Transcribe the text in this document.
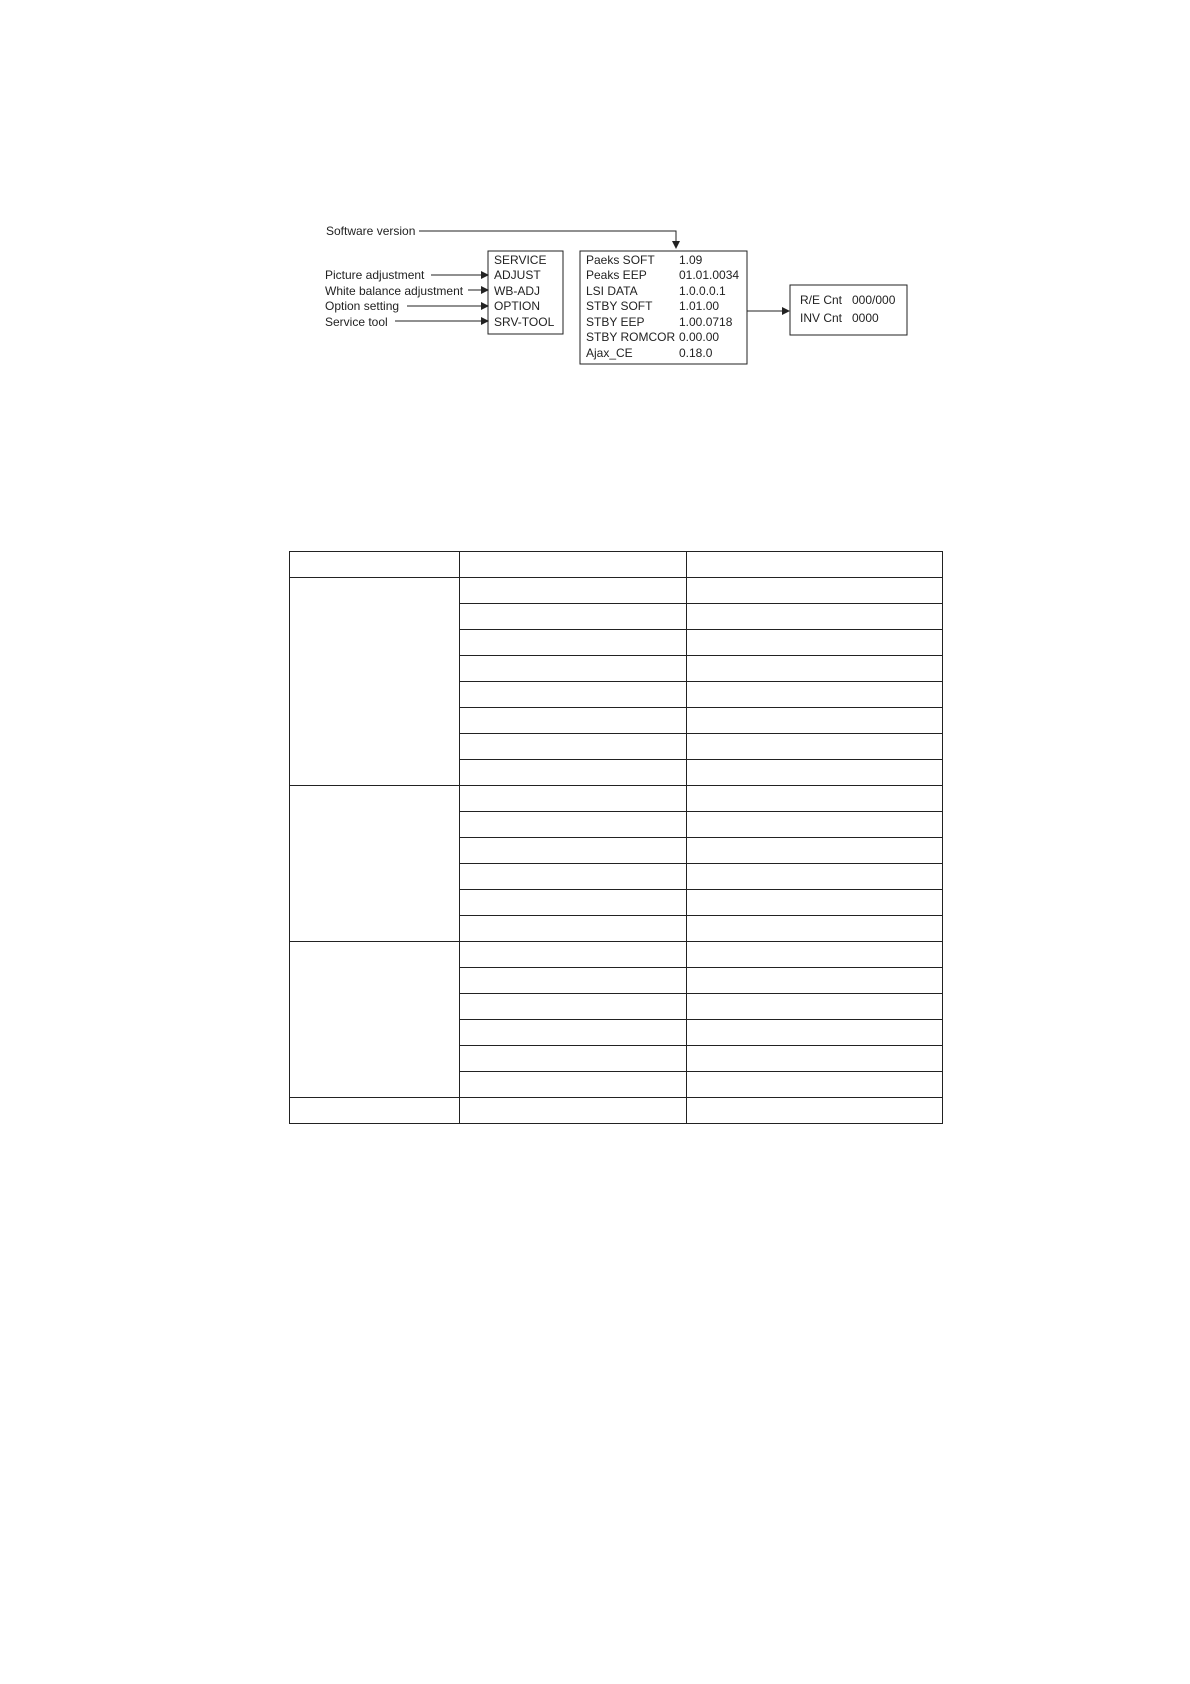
Software version
Picture adjustment
White balance adjustment
Option setting
Service tool
SERVICE
ADJUST
WB-ADJ
OPTION
SRV-TOOL
Paeks SOFT 1.09
Peaks EEP	01.01.0034
LSI DATA	1.0.0.0.1
STBY SOFT 1.01.00
STBY EEP	1.00.0718
STBY ROMCOR 0.00.00
Ajax_CE	0.18.0
R/E Cnt 000/000
INV Cnt 0000
